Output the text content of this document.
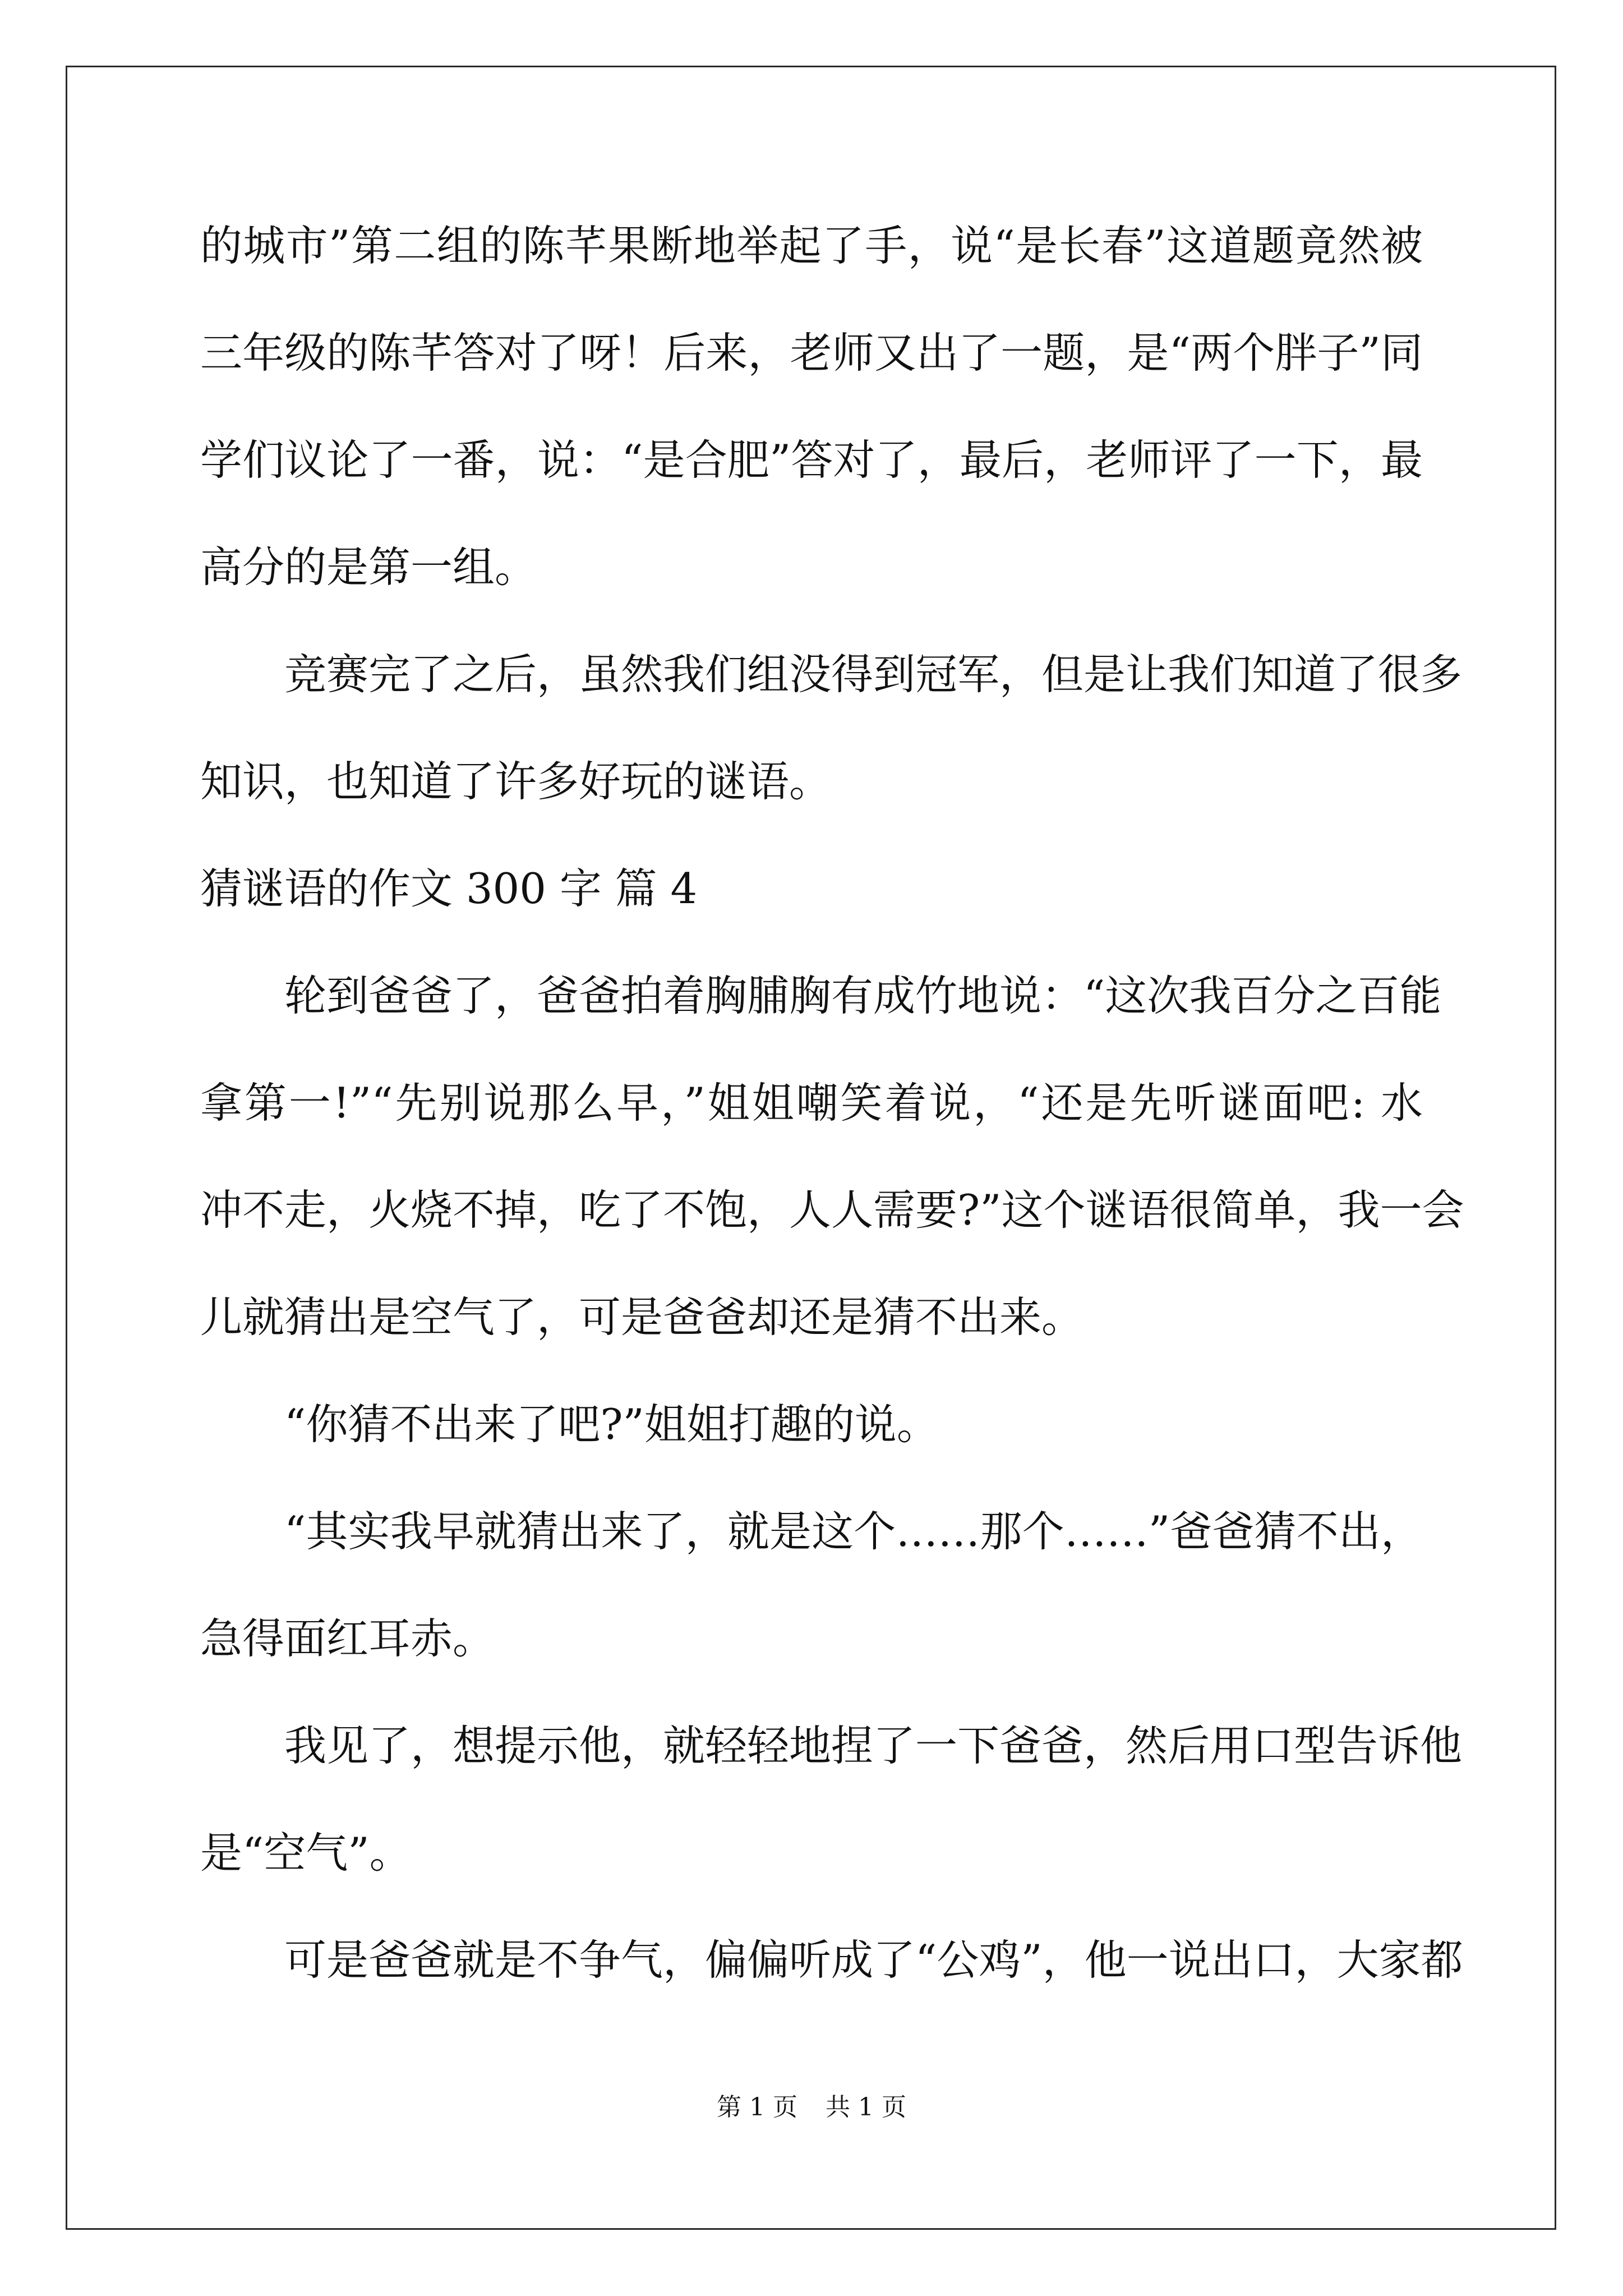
的城市”第二组的陈芊果断地举起了手，说“是长春”这道题竟然被
三年级的陈芊答对了呀！后来，老师又出了一题，是“两个胖子”同
学们议论了一番，说：“是合肥”答对了，最后，老师评了一下，最
高分的是第一组。
竞赛完了之后，虽然我们组没得到冠军，但是让我们知道了很多
知识，也知道了许多好玩的谜语。
猜谜语的作文 300 字 篇 4
轮到爸爸了，爸爸拍着胸脯胸有成竹地说：“这次我百分之百能
拿第一!”“先别说那么早，”姐姐嘲笑着说，“还是先听谜面吧: 水
冲不走，火烧不掉，吃了不饱，人人需要?”这个谜语很简单，我一会
儿就猜出是空气了，可是爸爸却还是猜不出来。
“你猜不出来了吧?”姐姐打趣的说。
“其实我早就猜出来了，就是这个……那个……”爸爸猜不出，
急得面红耳赤。
我见了，想提示他，就轻轻地捏了一下爸爸，然后用口型告诉他
是“空气”。
可是爸爸就是不争气，偏偏听成了“公鸡”，他一说出口，大家都
第 1 页 共 1 页
